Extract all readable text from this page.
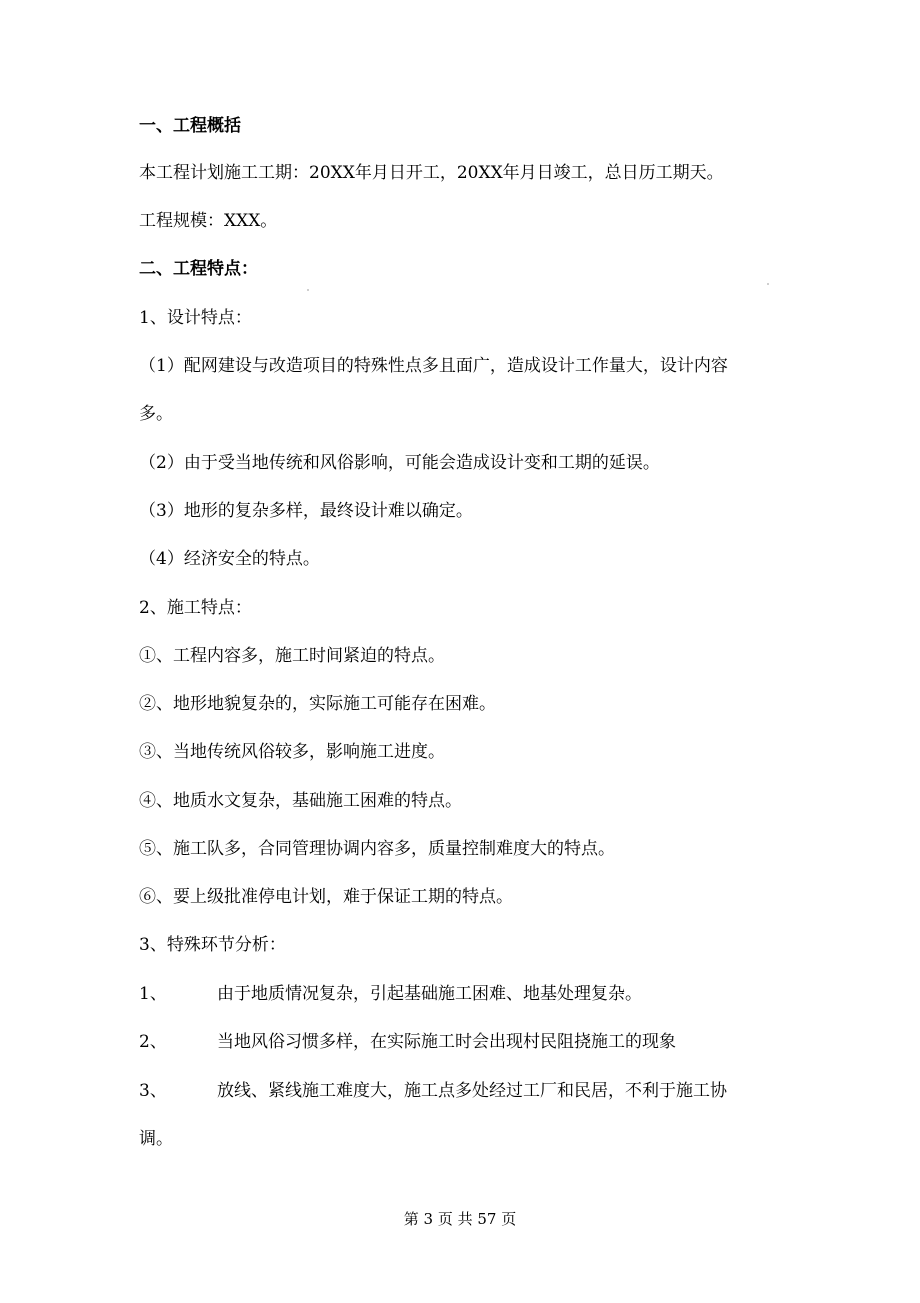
一、工程概括
本工程计划施工工期：20XX年月日开工，20XX年月日竣工，总日历工期天。
工程规模：XXX。
二、工程特点：
1、设计特点：
（1）配网建设与改造项目的特殊性点多且面广，造成设计工作量大，设计内容
多。
（2）由于受当地传统和风俗影响，可能会造成设计变和工期的延误。
（3）地形的复杂多样，最终设计难以确定。
（4）经济安全的特点。
2、施工特点：
①、工程内容多，施工时间紧迫的特点。
②、地形地貌复杂的，实际施工可能存在困难。
③、当地传统风俗较多，影响施工进度。
④、地质水文复杂，基础施工困难的特点。
⑤、施工队多，合同管理协调内容多，质量控制难度大的特点。
⑥、要上级批准停电计划，难于保证工期的特点。
3、特殊环节分析：
1、	由于地质情况复杂，引起基础施工困难、地基处理复杂。
2、	当地风俗习惯多样，在实际施工时会出现村民阻挠施工的现象
3、	放线、紧线施工难度大，施工点多处经过工厂和民居，不利于施工协
调。
第 3 页 共 57 页
